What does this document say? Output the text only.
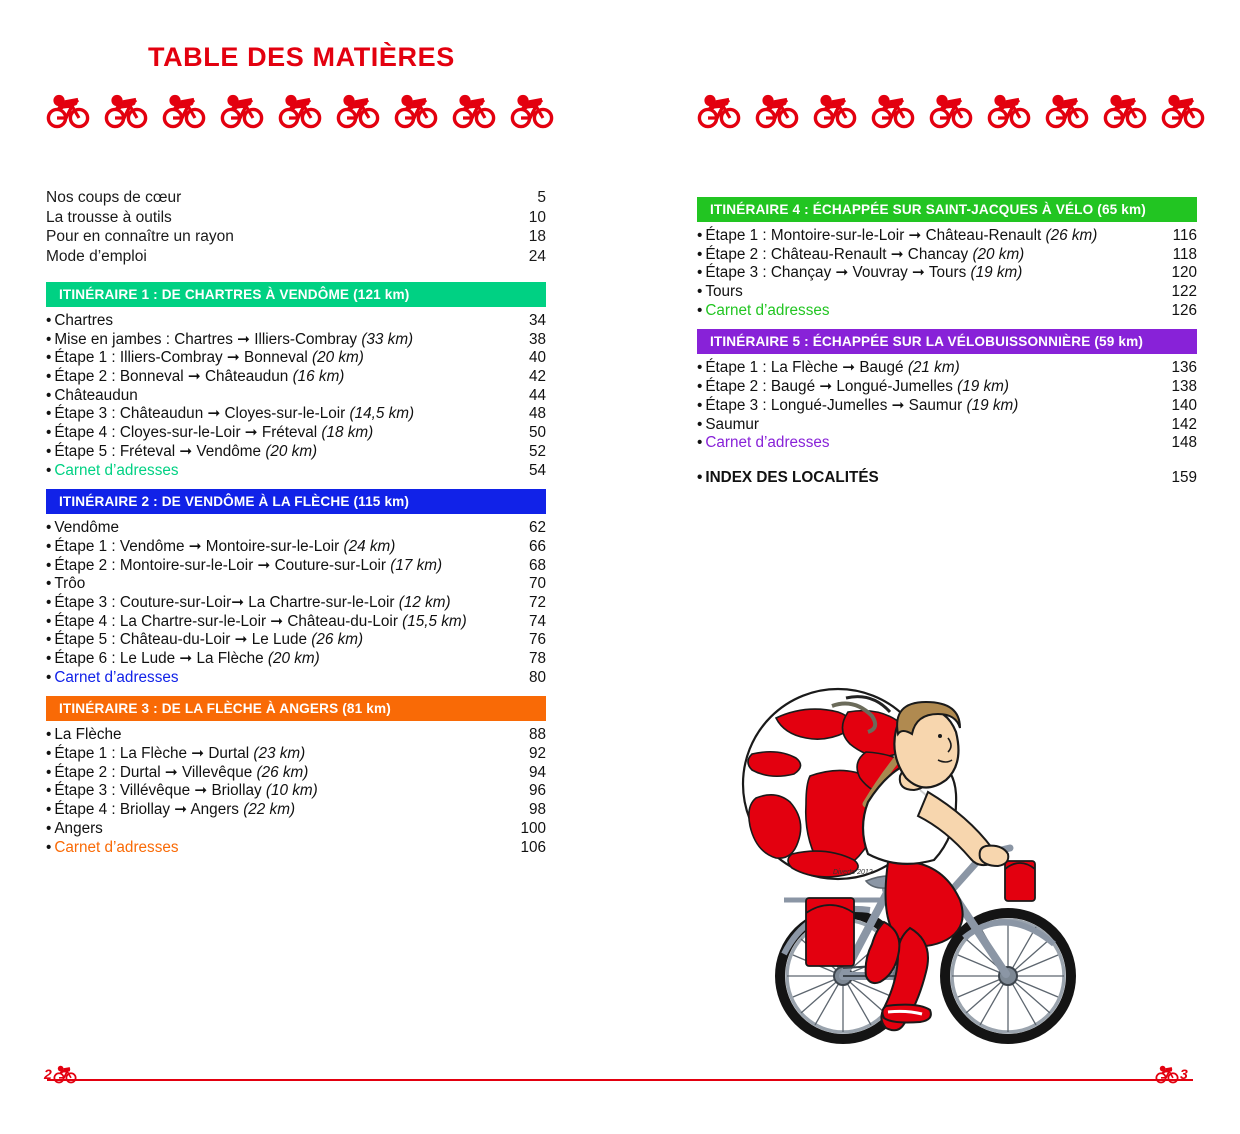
TABLE DES MATIÈRES
Nos coups de cœur	5
La trousse à outils	10
Pour en connaître un rayon	18
Mode d’emploi	24
ITINÉRAIRE 1 : DE CHARTRES À VENDÔME (121 km)
• Chartres	34
• Mise en jambes : Chartres ➞ Illiers-Combray (33 km)	38
• Étape 1 : Illiers-Combray ➞ Bonneval (20 km)	40
• Étape 2 : Bonneval ➞ Châteaudun (16 km)	42
• Châteaudun	44
• Étape 3 : Châteaudun ➞ Cloyes-sur-le-Loir (14,5 km)	48
• Étape 4 : Cloyes-sur-le-Loir ➞ Fréteval (18 km)	50
• Étape 5 : Fréteval ➞ Vendôme (20 km)	52
• Carnet d’adresses	54
ITINÉRAIRE 2 : DE VENDÔME À LA FLÈCHE (115 km)
• Vendôme	62
• Étape 1 : Vendôme ➞ Montoire-sur-le-Loir (24 km)	66
• Étape 2 : Montoire-sur-le-Loir ➞ Couture-sur-Loir (17 km)	68
• Trôo	70
• Étape 3 : Couture-sur-Loir➞ La Chartre-sur-le-Loir (12 km)	72
• Étape 4 : La Chartre-sur-le-Loir ➞ Château-du-Loir (15,5 km)	74
• Étape 5 : Château-du-Loir ➞ Le Lude (26 km)	76
• Étape 6 : Le Lude ➞ La Flèche (20 km)	78
• Carnet d’adresses	80
ITINÉRAIRE 3 : DE LA FLÈCHE À ANGERS (81 km)
• La Flèche	88
• Étape 1 : La Flèche ➞ Durtal (23 km)	92
• Étape 2 : Durtal ➞ Villevêque (26 km)	94
• Étape 3 : Villévêque ➞ Briollay (10 km)	96
• Étape 4 : Briollay ➞ Angers (22 km)	98
• Angers	100
• Carnet d’adresses	106
ITINÉRAIRE 4 : ÉCHAPPÉE SUR SAINT-JACQUES À VÉLO (65 km)
• Étape 1 : Montoire-sur-le-Loir ➞ Château-Renault (26 km)	116
• Étape 2 : Château-Renault ➞ Chancay (20 km)	118
• Étape 3 : Chançay ➞ Vouvray ➞ Tours (19 km)	120
• Tours	122
• Carnet d’adresses	126
ITINÉRAIRE 5 : ÉCHAPPÉE SUR LA VÉLOBUISSONNIÈRE (59 km)
• Étape 1 : La Flèche ➞ Baugé (21 km)	136
• Étape 2 : Baugé ➞ Longué-Jumelles (19 km)	138
• Étape 3 : Longué-Jumelles ➞ Saumur (19 km)	140
• Saumur	142
• Carnet d’adresses	148
• INDEX DES LOCALITÉS	159
Diverto 2012
2	3
